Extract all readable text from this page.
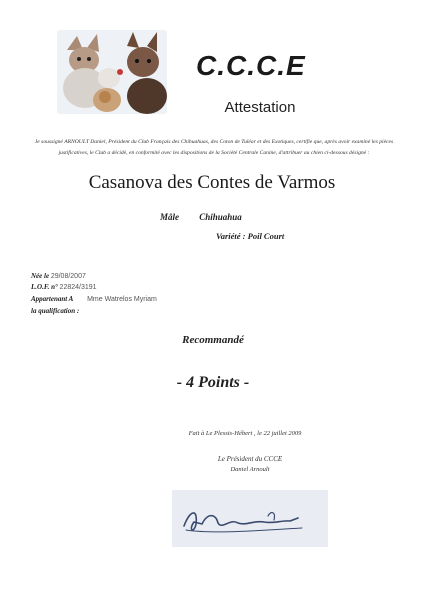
C.C.C.E
Attestation
Je soussigné ARNOULT Daniel, Président du Club Français des Chihuahuas, des Coton de Tuléar et des Exotiques, certifie que, après avoir examiné les pièces justificatives, le Club a décidé, en conformité avec les dispositions de la Société Centrale Canine, d'attribuer au chien ci-dessous désigné :
Casanova des Contes de Varmos
Mâle Chihuahua
Variété : Poil Court
Née le 29/08/2007
L.O.F. n° 22824/3191
Appartenant A Mme Watrelos Myriam
la qualification :
Recommandé
- 4 Points -
Fait à Le Plessis-Hébert , le 22 juillet 2009
Le Président du CCCE
Daniel Arnoult
